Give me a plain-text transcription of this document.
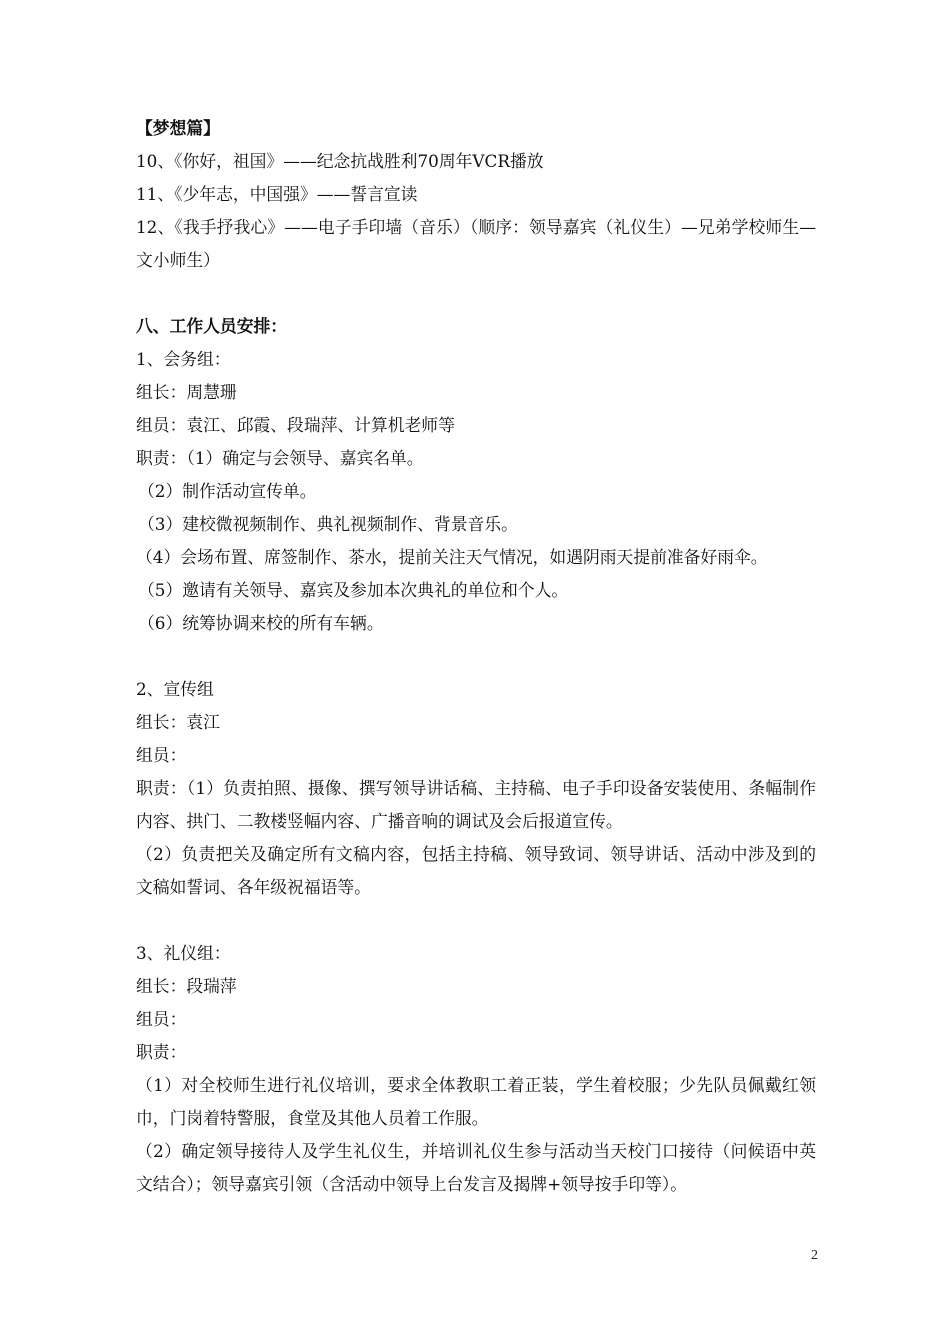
【梦想篇】
10、《你好，祖国》——纪念抗战胜利70周年VCR播放
11、《少年志，中国强》——誓言宣读
12、《我手抒我心》——电子手印墙（音乐）（顺序：领导嘉宾（礼仪生）—兄弟学校师生—文小师生）
八、工作人员安排：
1、会务组：
组长：周慧珊
组员：袁江、邱霞、段瑞萍、计算机老师等
职责：（1）确定与会领导、嘉宾名单。
（2）制作活动宣传单。
（3）建校微视频制作、典礼视频制作、背景音乐。
（4）会场布置、席签制作、茶水，提前关注天气情况，如遇阴雨天提前准备好雨伞。
（5）邀请有关领导、嘉宾及参加本次典礼的单位和个人。
（6）统筹协调来校的所有车辆。
2、宣传组
组长：袁江
组员：
职责：（1）负责拍照、摄像、撰写领导讲话稿、主持稿、电子手印设备安装使用、条幅制作内容、拱门、二教楼竖幅内容、广播音响的调试及会后报道宣传。
（2）负责把关及确定所有文稿内容，包括主持稿、领导致词、领导讲话、活动中涉及到的文稿如誓词、各年级祝福语等。
3、礼仪组：
组长：段瑞萍
组员：
职责：
（1）对全校师生进行礼仪培训，要求全体教职工着正装，学生着校服；少先队员佩戴红领巾，门岗着特警服，食堂及其他人员着工作服。
（2）确定领导接待人及学生礼仪生，并培训礼仪生参与活动当天校门口接待（问候语中英文结合）；领导嘉宾引领（含活动中领导上台发言及揭牌+领导按手印等）。
2
